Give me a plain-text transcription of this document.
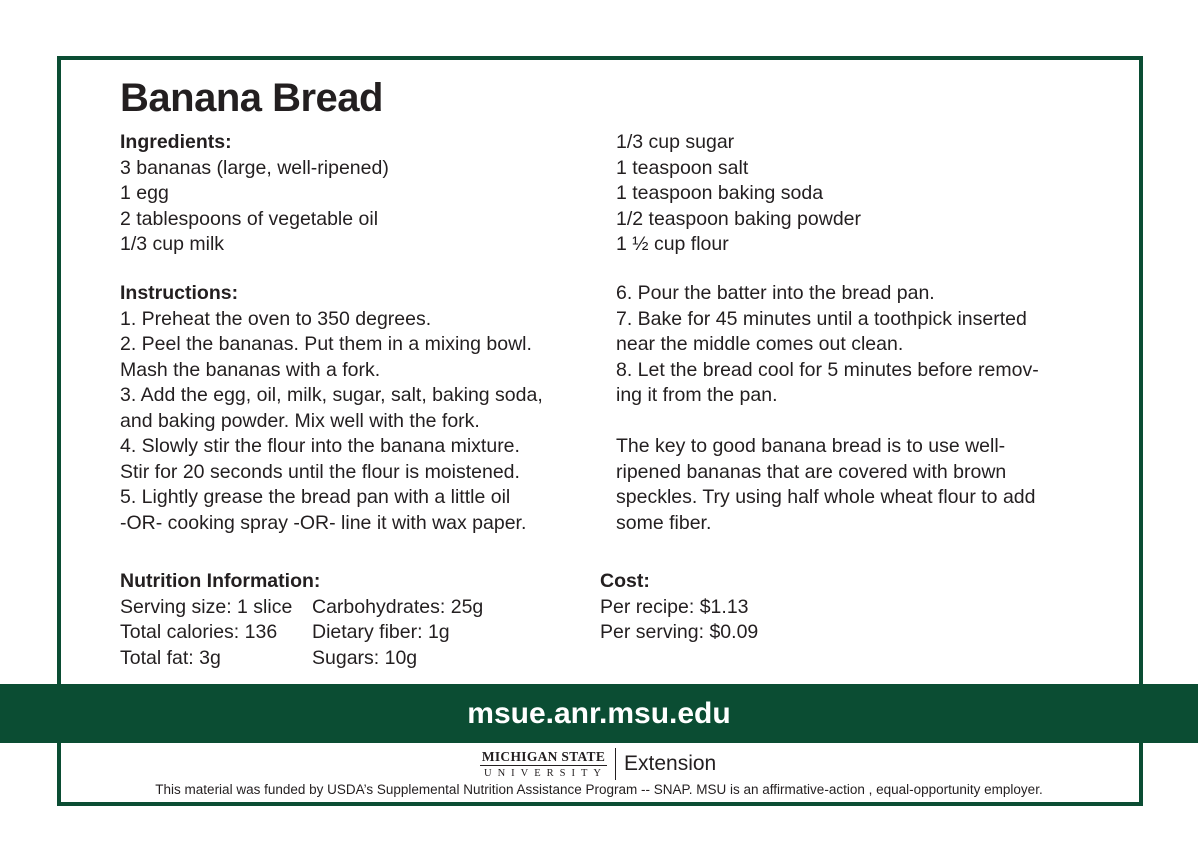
Banana Bread
Ingredients:
3 bananas (large, well-ripened)
1 egg
2 tablespoons of vegetable oil
1/3 cup milk
1/3 cup sugar
1 teaspoon salt
1 teaspoon baking soda
1/2 teaspoon baking powder
1 ½ cup flour
Instructions:
1. Preheat the oven to 350 degrees.
2. Peel the bananas. Put them in a mixing bowl.
Mash the bananas with a fork.
3. Add the egg, oil, milk, sugar, salt, baking soda,
and baking powder. Mix well with the fork.
4. Slowly stir the flour into the banana mixture.
Stir for 20 seconds until the flour is moistened.
5. Lightly grease the bread pan with a little oil
-OR- cooking spray -OR- line it with wax paper.
6. Pour the batter into the bread pan.
7. Bake for 45 minutes until a toothpick inserted
near the middle comes out clean.
8. Let the bread cool for 5 minutes before remov-
ing it from the pan.
The key to good banana bread is to use well-
ripened bananas that are covered with brown
speckles. Try using half whole wheat flour to add
some fiber.
Nutrition Information:
Serving size: 1 slice
Total calories: 136
Total fat: 3g
Carbohydrates: 25g
Dietary fiber: 1g
Sugars: 10g
Cost:
Per recipe: $1.13
Per serving: $0.09
msue.anr.msu.edu
MICHIGAN STATE
UNIVERSITY Extension
This material was funded by USDA’s Supplemental Nutrition Assistance Program -- SNAP. MSU is an affirmative-action , equal-opportunity employer.
